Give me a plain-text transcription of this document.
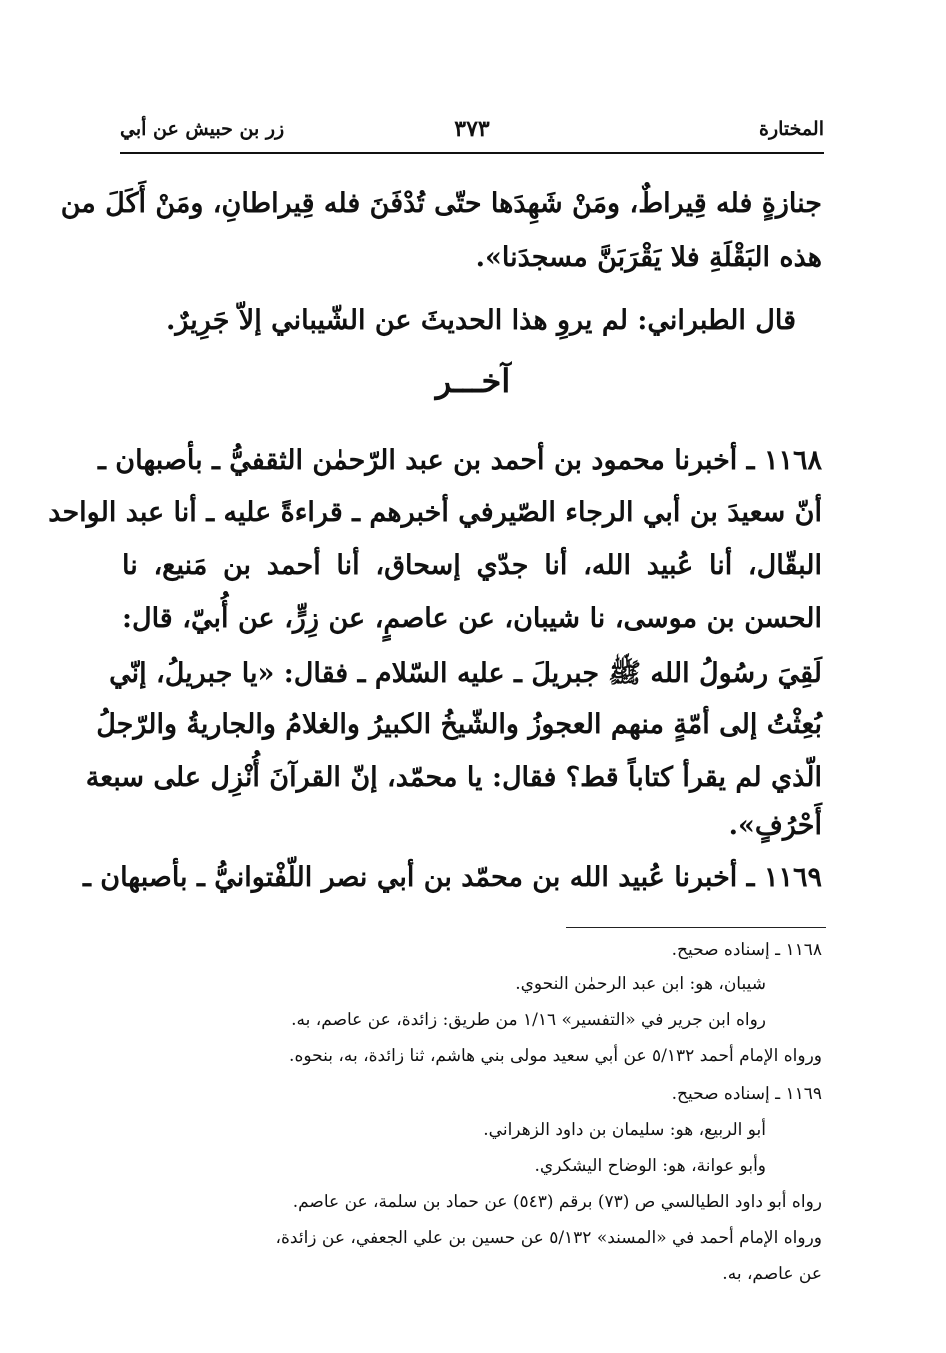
المختارة
٣٧٣
زر بن حبيش عن أبي
جنازةٍ فله قِيراطٌ، ومَنْ شَهِدَها حتّى تُدْفَنَ فله قِيراطانِ، ومَنْ أَكَلَ من
هذه البَقْلَةِ فلا يَقْرَبَنَّ مسجدَنا».
قال الطبراني: لم يروِ هذا الحديثَ عن الشّيباني إلاّ جَرِيرٌ.
آخـــر
١١٦٨ ـ أخبرنا محمود بن أحمد بن عبد الرّحمٰن الثقفيُّ ـ بأصبهان ـ
أنّ سعيدَ بن أبي الرجاء الصّيرفي أخبرهم ـ قراءةً عليه ـ أنا عبد الواحد
البقّال، أنا عُبيد الله، أنا جدّي إسحاق، أنا أحمد بن مَنيع، نا
الحسن بن موسى، نا شيبان، عن عاصمٍ، عن زِرٍّ، عن أُبيّ، قال:
لَقِيَ رسُولُ الله ﷺ جبريلَ ـ عليه السّلام ـ فقال: «يا جبريلُ، إنّي
بُعِثْتُ إلى أمّةٍ منهم العجوزُ والشّيخُ الكبيرُ والغلامُ والجاريةُ والرّجلُ
الّذي لم يقرأ كتاباً قط؟ فقال: يا محمّد، إنّ القرآنَ أُنْزِل على سبعة
أَحْرُفٍ».
١١٦٩ ـ أخبرنا عُبيد الله بن محمّد بن أبي نصر اللّفْتوانيُّ ـ بأصبهان ـ
١١٦٨ ـ إسناده صحيح.
شيبان، هو: ابن عبد الرحمٰن النحوي.
رواه ابن جرير في «التفسير» ١/١٦ من طريق: زائدة، عن عاصم، به.
ورواه الإمام أحمد ٥/١٣٢ عن أبي سعيد مولى بني هاشم، ثنا زائدة، به، بنحوه.
١١٦٩ ـ إسناده صحيح.
أبو الربيع، هو: سليمان بن داود الزهراني.
وأبو عوانة، هو: الوضاح اليشكري.
رواه أبو داود الطيالسي ص (٧٣) برقم (٥٤٣) عن حماد بن سلمة، عن عاصم.
ورواه الإمام أحمد في «المسند» ٥/١٣٢ عن حسين بن علي الجعفي، عن زائدة،
عن عاصم، به.
